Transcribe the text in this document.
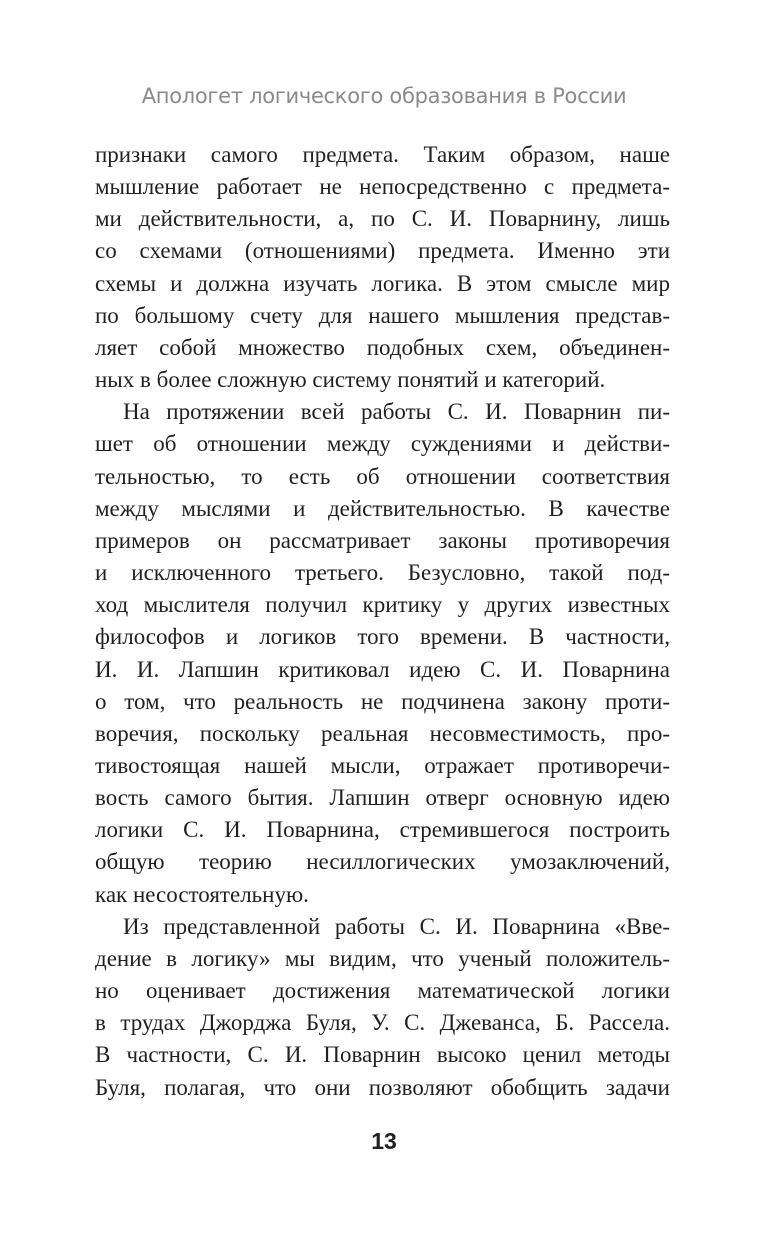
Апологет логического образования в России
признаки самого предмета. Таким образом, наше
мышление работает не непосредственно с предмета-
ми действительности, а, по С. И. Поварнину, лишь
со схемами (отношениями) предмета. Именно эти
схемы и должна изучать логика. В этом смысле мир
по большому счету для нашего мышления представ-
ляет собой множество подобных схем, объединен-
ных в более сложную систему понятий и категорий.
На протяжении всей работы С. И. Поварнин пи-
шет об отношении между суждениями и действи-
тельностью, то есть об отношении соответствия
между мыслями и действительностью. В качестве
примеров он рассматривает законы противоречия
и исключенного третьего. Безусловно, такой под-
ход мыслителя получил критику у других известных
философов и логиков того времени. В частности,
И. И. Лапшин критиковал идею С. И. Поварнина
о том, что реальность не подчинена закону проти-
воречия, поскольку реальная несовместимость, про-
тивостоящая нашей мысли, отражает противоречи-
вость самого бытия. Лапшин отверг основную идею
логики С. И. Поварнина, стремившегося построить
общую теорию несиллогических умозаключений,
как несостоятельную.
Из представленной работы С. И. Поварнина «Вве-
дение в логику» мы видим, что ученый положитель-
но оценивает достижения математической логики
в трудах Джорджа Буля, У. С. Джеванса, Б. Рассела.
В частности, С. И. Поварнин высоко ценил методы
Буля, полагая, что они позволяют обобщить задачи
13
